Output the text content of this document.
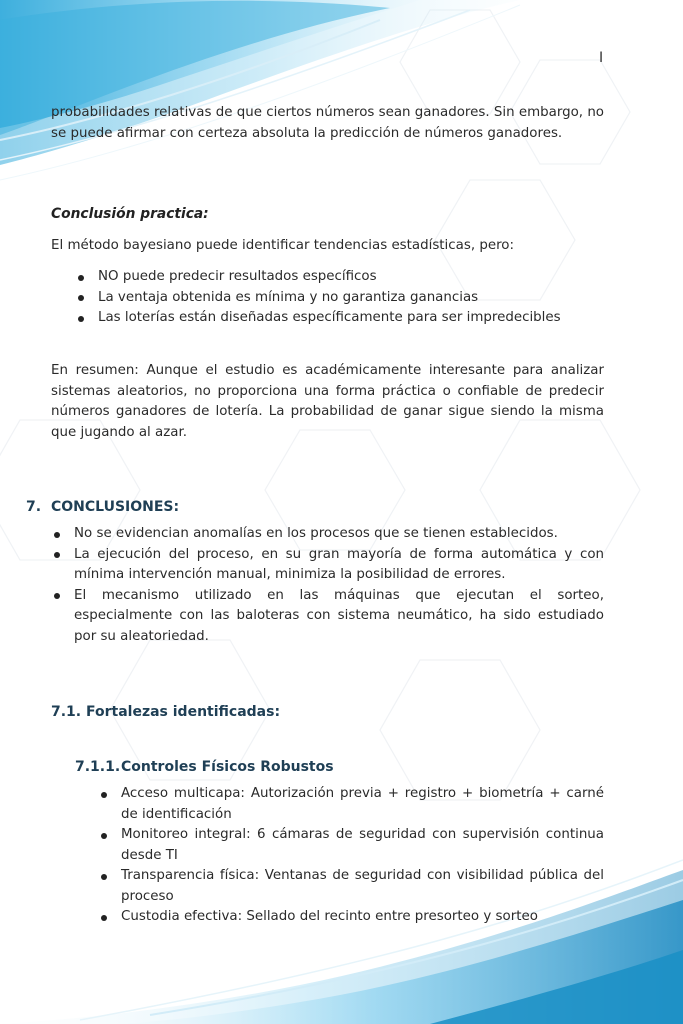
I

probabilidades relativas de que ciertos números sean ganadores. Sin embargo, no se puede afirmar con certeza absoluta la predicción de números ganadores.

Conclusión practica:

El método bayesiano puede identificar tendencias estadísticas, pero:

NO puede predecir resultados específicos
La ventaja obtenida es mínima y no garantiza ganancias
Las loterías están diseñadas específicamente para ser impredecibles

En resumen: Aunque el estudio es académicamente interesante para analizar sistemas aleatorios, no proporciona una forma práctica o confiable de predecir números ganadores de lotería. La probabilidad de ganar sigue siendo la misma que jugando al azar.

7. CONCLUSIONES:
No se evidencian anomalías en los procesos que se tienen establecidos.
La ejecución del proceso, en su gran mayoría de forma automática y con mínima intervención manual, minimiza la posibilidad de errores.
El mecanismo utilizado en las máquinas que ejecutan el sorteo, especialmente con las baloteras con sistema neumático, ha sido estudiado por su aleatoriedad.
7.1. Fortalezas identificadas:
7.1.1.Controles Físicos Robustos
Acceso multicapa: Autorización previa + registro + biometría + carné de identificación
Monitoreo integral: 6 cámaras de seguridad con supervisión continua desde TI
Transparencia física: Ventanas de seguridad con visibilidad pública del proceso
Custodia efectiva: Sellado del recinto entre presorteo y sorteo
